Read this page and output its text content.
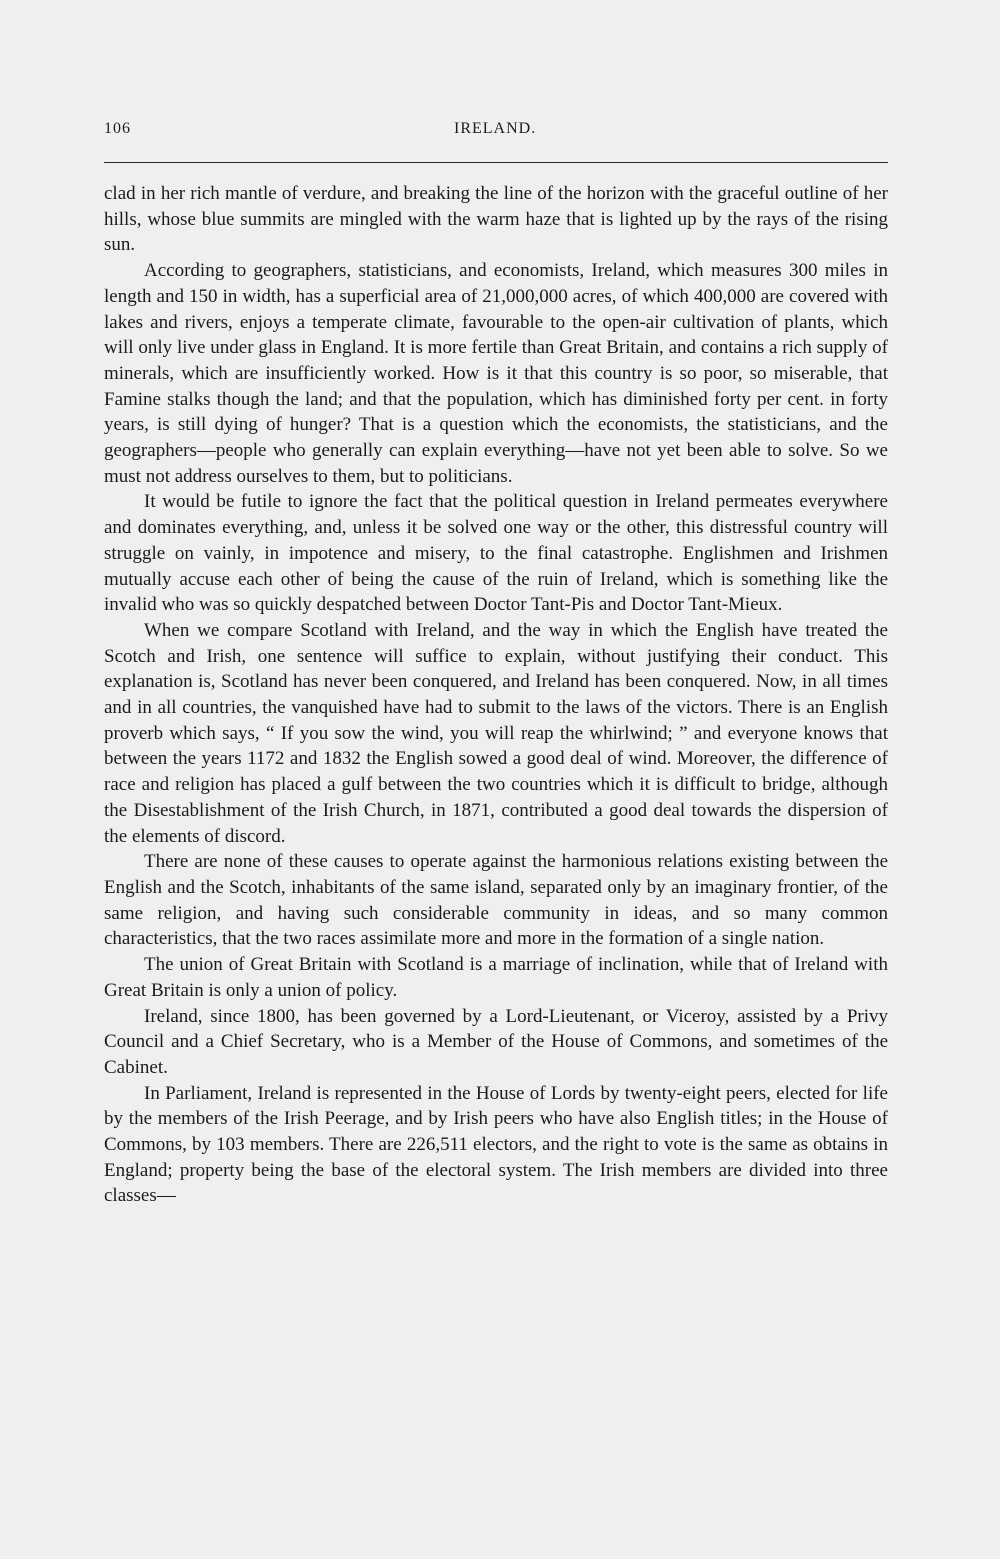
106	IRELAND.

clad in her rich mantle of verdure, and breaking the line of the horizon with the graceful outline of her hills, whose blue summits are mingled with the warm haze that is lighted up by the rays of the rising sun.

According to geographers, statisticians, and economists, Ireland, which measures 300 miles in length and 150 in width, has a superficial area of 21,000,000 acres, of which 400,000 are covered with lakes and rivers, enjoys a temperate climate, favourable to the open-air cultivation of plants, which will only live under glass in England. It is more fertile than Great Britain, and contains a rich supply of minerals, which are insufficiently worked. How is it that this country is so poor, so miserable, that Famine stalks though the land; and that the population, which has diminished forty per cent. in forty years, is still dying of hunger? That is a question which the economists, the statisticians, and the geographers—people who generally can explain everything—have not yet been able to solve. So we must not address ourselves to them, but to politicians.

It would be futile to ignore the fact that the political question in Ireland permeates everywhere and dominates everything, and, unless it be solved one way or the other, this distressful country will struggle on vainly, in impotence and misery, to the final catastrophe. Englishmen and Irishmen mutually accuse each other of being the cause of the ruin of Ireland, which is something like the invalid who was so quickly despatched between Doctor Tant-Pis and Doctor Tant-Mieux.

When we compare Scotland with Ireland, and the way in which the English have treated the Scotch and Irish, one sentence will suffice to explain, without justifying their conduct. This explanation is, Scotland has never been conquered, and Ireland has been conquered. Now, in all times and in all countries, the vanquished have had to submit to the laws of the victors. There is an English proverb which says, “ If you sow the wind, you will reap the whirlwind; ” and everyone knows that between the years 1172 and 1832 the English sowed a good deal of wind. Moreover, the difference of race and religion has placed a gulf between the two countries which it is difficult to bridge, although the Disestablishment of the Irish Church, in 1871, contributed a good deal towards the dispersion of the elements of discord.

There are none of these causes to operate against the harmonious relations existing between the English and the Scotch, inhabitants of the same island, separated only by an imaginary frontier, of the same religion, and having such considerable community in ideas, and so many common characteristics, that the two races assimilate more and more in the formation of a single nation.

The union of Great Britain with Scotland is a marriage of inclination, while that of Ireland with Great Britain is only a union of policy.

Ireland, since 1800, has been governed by a Lord-Lieutenant, or Viceroy, assisted by a Privy Council and a Chief Secretary, who is a Member of the House of Commons, and sometimes of the Cabinet.

In Parliament, Ireland is represented in the House of Lords by twenty-eight peers, elected for life by the members of the Irish Peerage, and by Irish peers who have also English titles; in the House of Commons, by 103 members. There are 226,511 electors, and the right to vote is the same as obtains in England; property being the base of the electoral system. The Irish members are divided into three classes—
